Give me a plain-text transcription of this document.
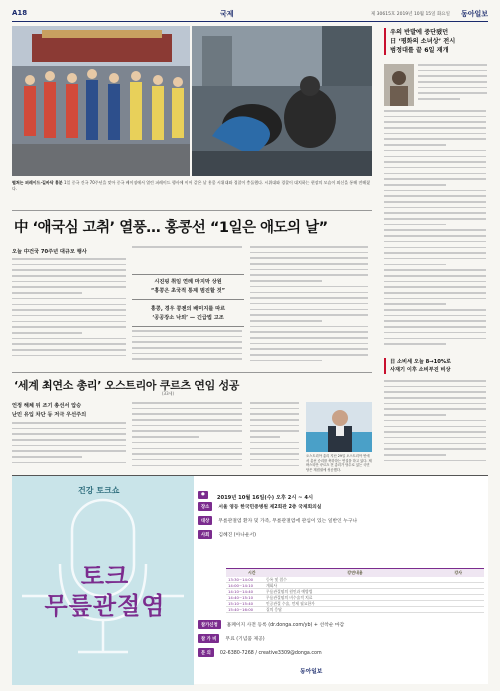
A18	국제	제 30615호 2019년 10월 15일 화요일 동아일보
펼쳐는 퍼레이드·길바닥 흥분 1일 중국 건국 70주년을 맞아 중국 베이징에서 열린 퍼레이드 행사에 이어 같은 날 홍콩 시위대와 경찰이 충돌했다. 시위대와 경찰이 대치하는 현장의 모습이 외신을 통해 전해졌다.
中 ‘애국심 고취’ 열풍… 홍콩선 “1일은 애도의 날”
오늘 中건국 70주년 대규모 행사
시진핑 취임 연례 마지막 상원
“홍콩은 초국적 통제 범진할 것”
홍콩, 경우 콩젠의 배미지를 따르
‘공공장소 낙외’ — 긴급법 고조
우의 반발에 중단됐던
日 ‘평화의 소녀상’ 전시
범정대를 끝 6일 재개
日 소비세 오늘 8→10%로
사재기 이후 소비부진 비상
‘세계 최연소 총리’ 오스트리아 쿠르츠 연임 성공
(33세)
언정 해체 뒤 조기 총선서 압승
난민 유입 차단 등 저극 우선주의
오스트리아 총리 지난 29일 오스트리아 빈에서 총선 승리를 축하하는 연설을 하고 있다. 제바스티안 쿠르츠 전 총리가 당수로 있는 국민당은 재집권에 성공했다.
건강 토크쇼
토크
무릎관절염
● 2019년 10월 16일(수) 오후 2시 ~ 4시
장소 서울 영등 한국민중병원 제2회관 2층 국제회의실
대상 무릎관절염 환자 및 가족, 무릎관절염에 관심이 있는 일반인 누구나
사회 김혜진 (아나운서)
시간	강연내용	강사
13:30~14:00	등록 및 접수
14:00~14:10	개회사
14:10~14:40	무릎관절염의 원인과 예방법
14:40~15:10	무릎관절염의 비수술적 치료
15:10~15:40	인공관절 수술, 언제 필요한가
15:40~16:00	질의 응답
참가신청 홈페이지 사전 등록 (dr.donga.com/yb) + 선착순 마감
참 가 비 무료 (기념품 제공)
문 의 02-6380-7268 / creative3309@donga.com
동아일보
